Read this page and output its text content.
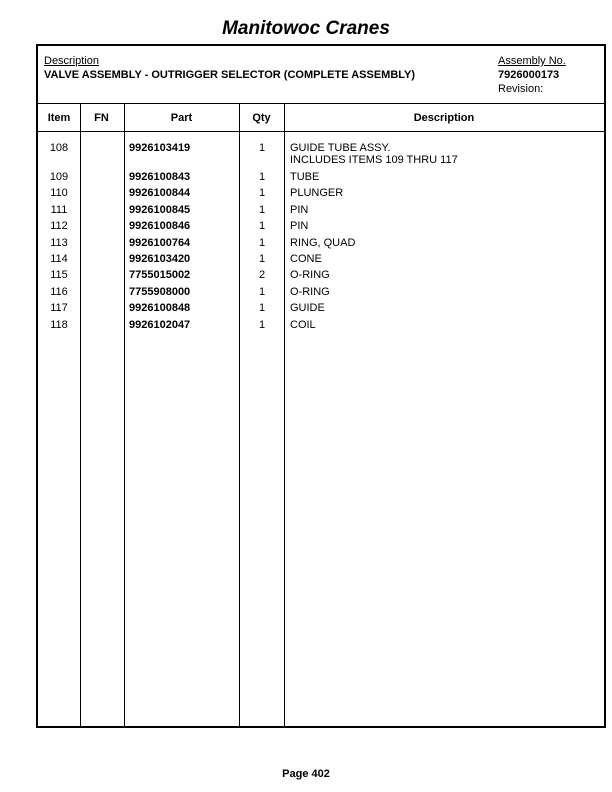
Manitowoc Cranes
Description
VALVE ASSEMBLY - OUTRIGGER SELECTOR (COMPLETE ASSEMBLY)
Assembly No.
7926000173
Revision:
Item	FN	Part	Qty	Description
108	9926103419	1	GUIDE TUBE ASSY.
INCLUDES ITEMS 109 THRU 117
109	9926100843	1	TUBE
110	9926100844	1	PLUNGER
111	9926100845	1	PIN
112	9926100846	1	PIN
113	9926100764	1	RING, QUAD
114	9926103420	1	CONE
115	7755015002	2	O-RING
116	7755908000	1	O-RING
117	9926100848	1	GUIDE
118	9926102047	1	COIL
Page 402
